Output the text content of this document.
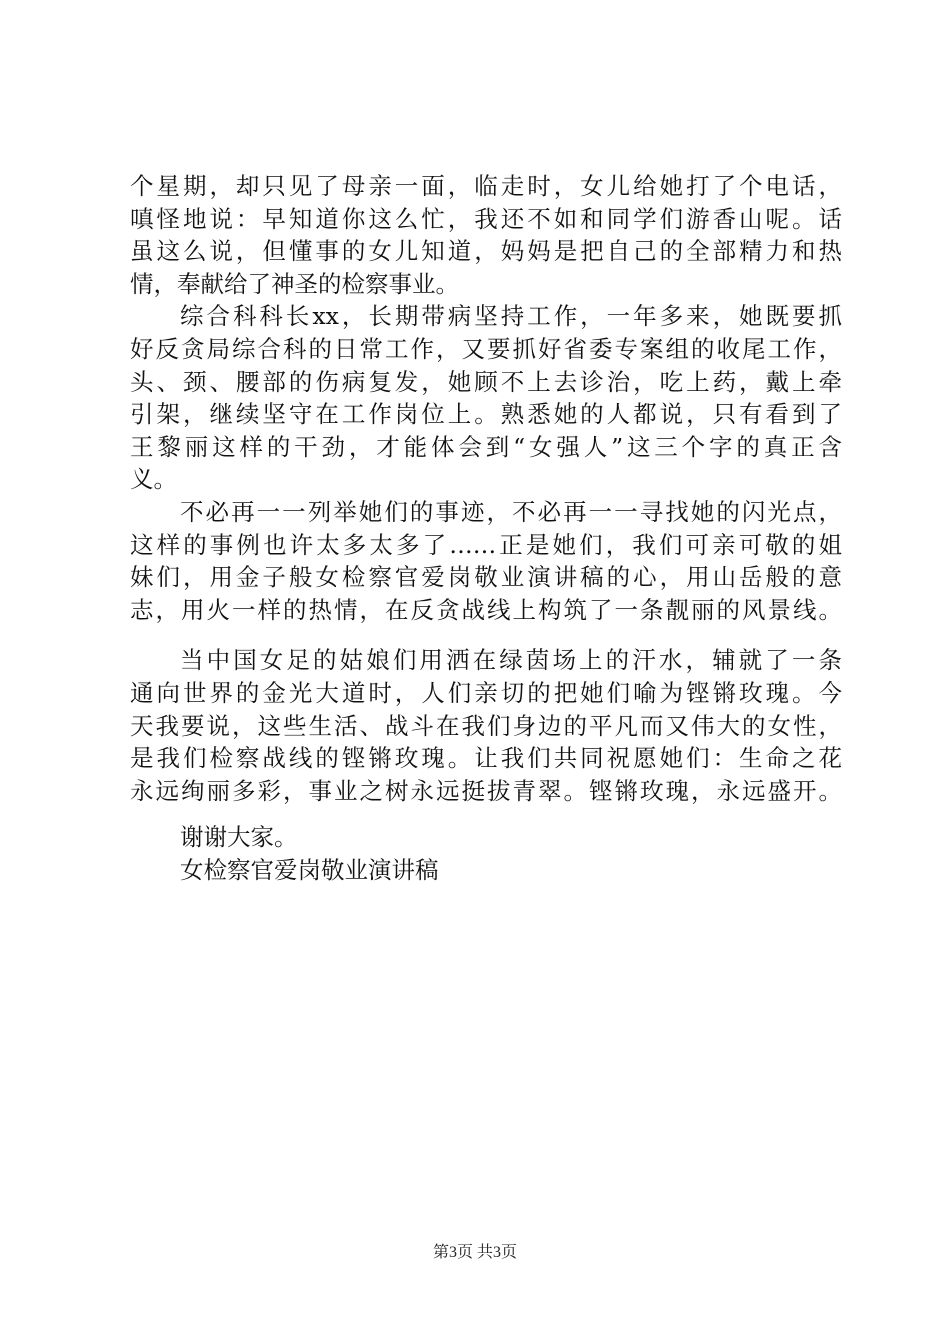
个星期，却只见了母亲一面，临走时，女儿给她打了个电话，
嗔怪地说：早知道你这么忙，我还不如和同学们游香山呢。话
虽这么说，但懂事的女儿知道，妈妈是把自己的全部精力和热
情，奉献给了神圣的检察事业。
综合科科长xx，长期带病坚持工作，一年多来，她既要抓
好反贪局综合科的日常工作，又要抓好省委专案组的收尾工作，
头、颈、腰部的伤病复发，她顾不上去诊治，吃上药，戴上牵
引架，继续坚守在工作岗位上。熟悉她的人都说，只有看到了
王黎丽这样的干劲，才能体会到“女强人”这三个字的真正含
义。
不必再一一列举她们的事迹，不必再一一寻找她的闪光点，
这样的事例也许太多太多了……正是她们，我们可亲可敬的姐
妹们，用金子般女检察官爱岗敬业演讲稿的心，用山岳般的意
志，用火一样的热情，在反贪战线上构筑了一条靓丽的风景线。
当中国女足的姑娘们用洒在绿茵场上的汗水，辅就了一条
通向世界的金光大道时，人们亲切的把她们喻为铿锵玫瑰。今
天我要说，这些生活、战斗在我们身边的平凡而又伟大的女性，
是我们检察战线的铿锵玫瑰。让我们共同祝愿她们：生命之花
永远绚丽多彩，事业之树永远挺拔青翠。铿锵玫瑰，永远盛开。
谢谢大家。
女检察官爱岗敬业演讲稿
第3页 共3页
